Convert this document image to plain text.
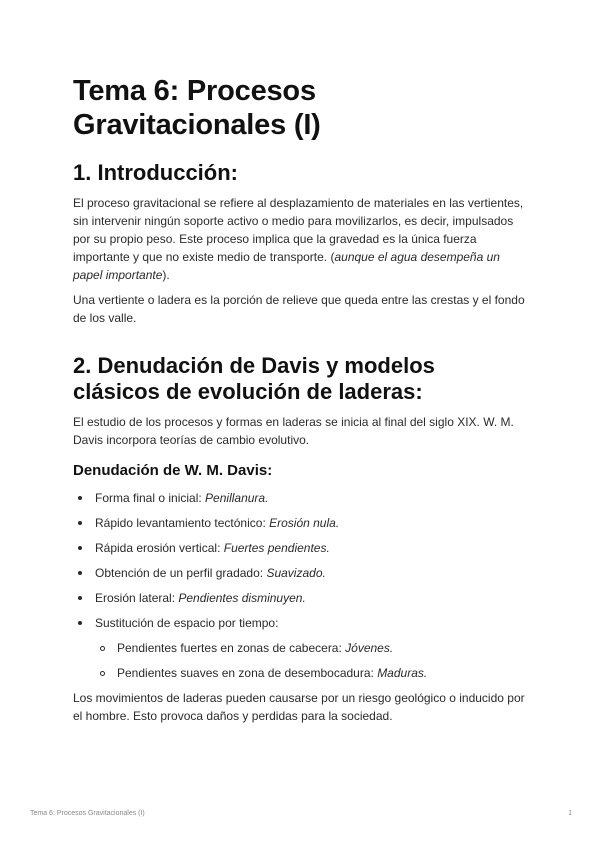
Tema 6: Procesos Gravitacionales (I)
1. Introducción:

El proceso gravitacional se refiere al desplazamiento de materiales en las vertientes, sin intervenir ningún soporte activo o medio para movilizarlos, es decir, impulsados por su propio peso. Este proceso implica que la gravedad es la única fuerza importante y que no existe medio de transporte. (aunque el agua desempeña un papel importante).

Una vertiente o ladera es la porción de relieve que queda entre las crestas y el fondo de los valle.

2. Denudación de Davis y modelos clásicos de evolución de laderas:

El estudio de los procesos y formas en laderas se inicia al final del siglo XIX. W. M. Davis incorpora teorías de cambio evolutivo.

Denudación de W. M. Davis:
Forma final o inicial: Penillanura.
Rápido levantamiento tectónico: Erosión nula.
Rápida erosión vertical: Fuertes pendientes.
Obtención de un perfil gradado: Suavizado.
Erosión lateral: Pendientes disminuyen.
Sustitución de espacio por tiempo:
Pendientes fuertes en zonas de cabecera: Jóvenes.
Pendientes suaves en zona de desembocadura: Maduras.

Los movimientos de laderas pueden causarse por un riesgo geológico o inducido por el hombre. Esto provoca daños y perdidas para la sociedad.

Tema 6: Procesos Gravitacionales (I)	1
